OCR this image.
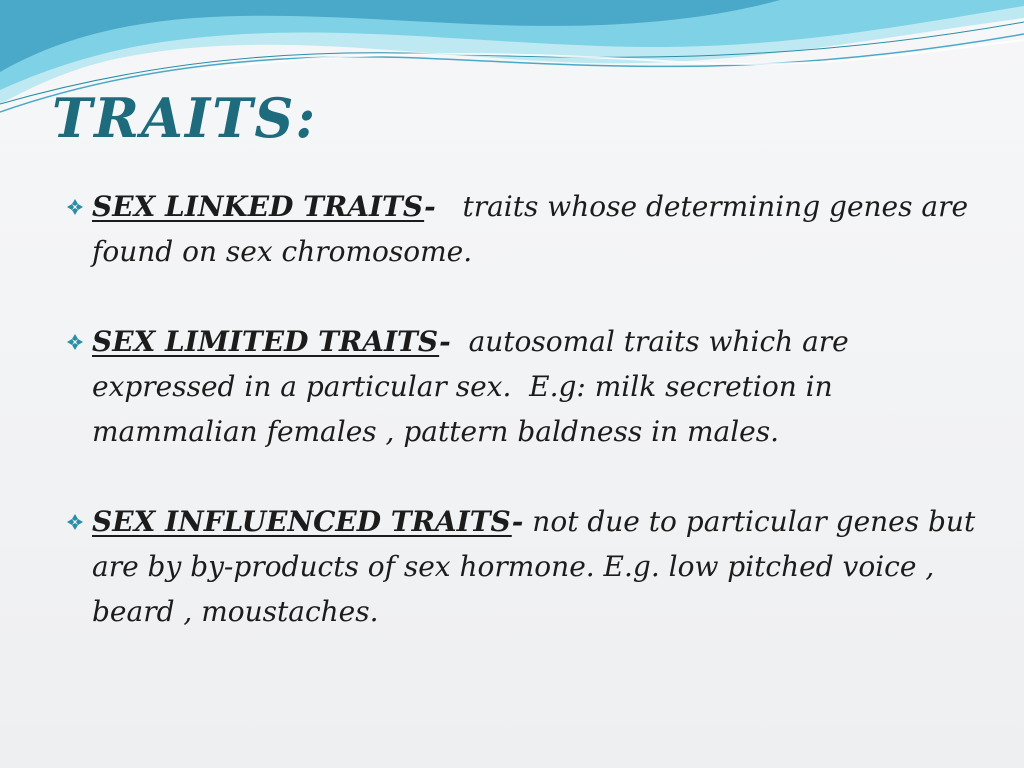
TRAITS:
SEX LINKED TRAITS-   traits whose determining genes are found on sex chromosome.
SEX LIMITED TRAITS-  autosomal traits which are expressed in a particular sex.  E.g: milk secretion in mammalian females , pattern baldness in males.
SEX INFLUENCED TRAITS- not due to particular genes but are by by-products of sex hormone. E.g. low pitched voice , beard , moustaches.
